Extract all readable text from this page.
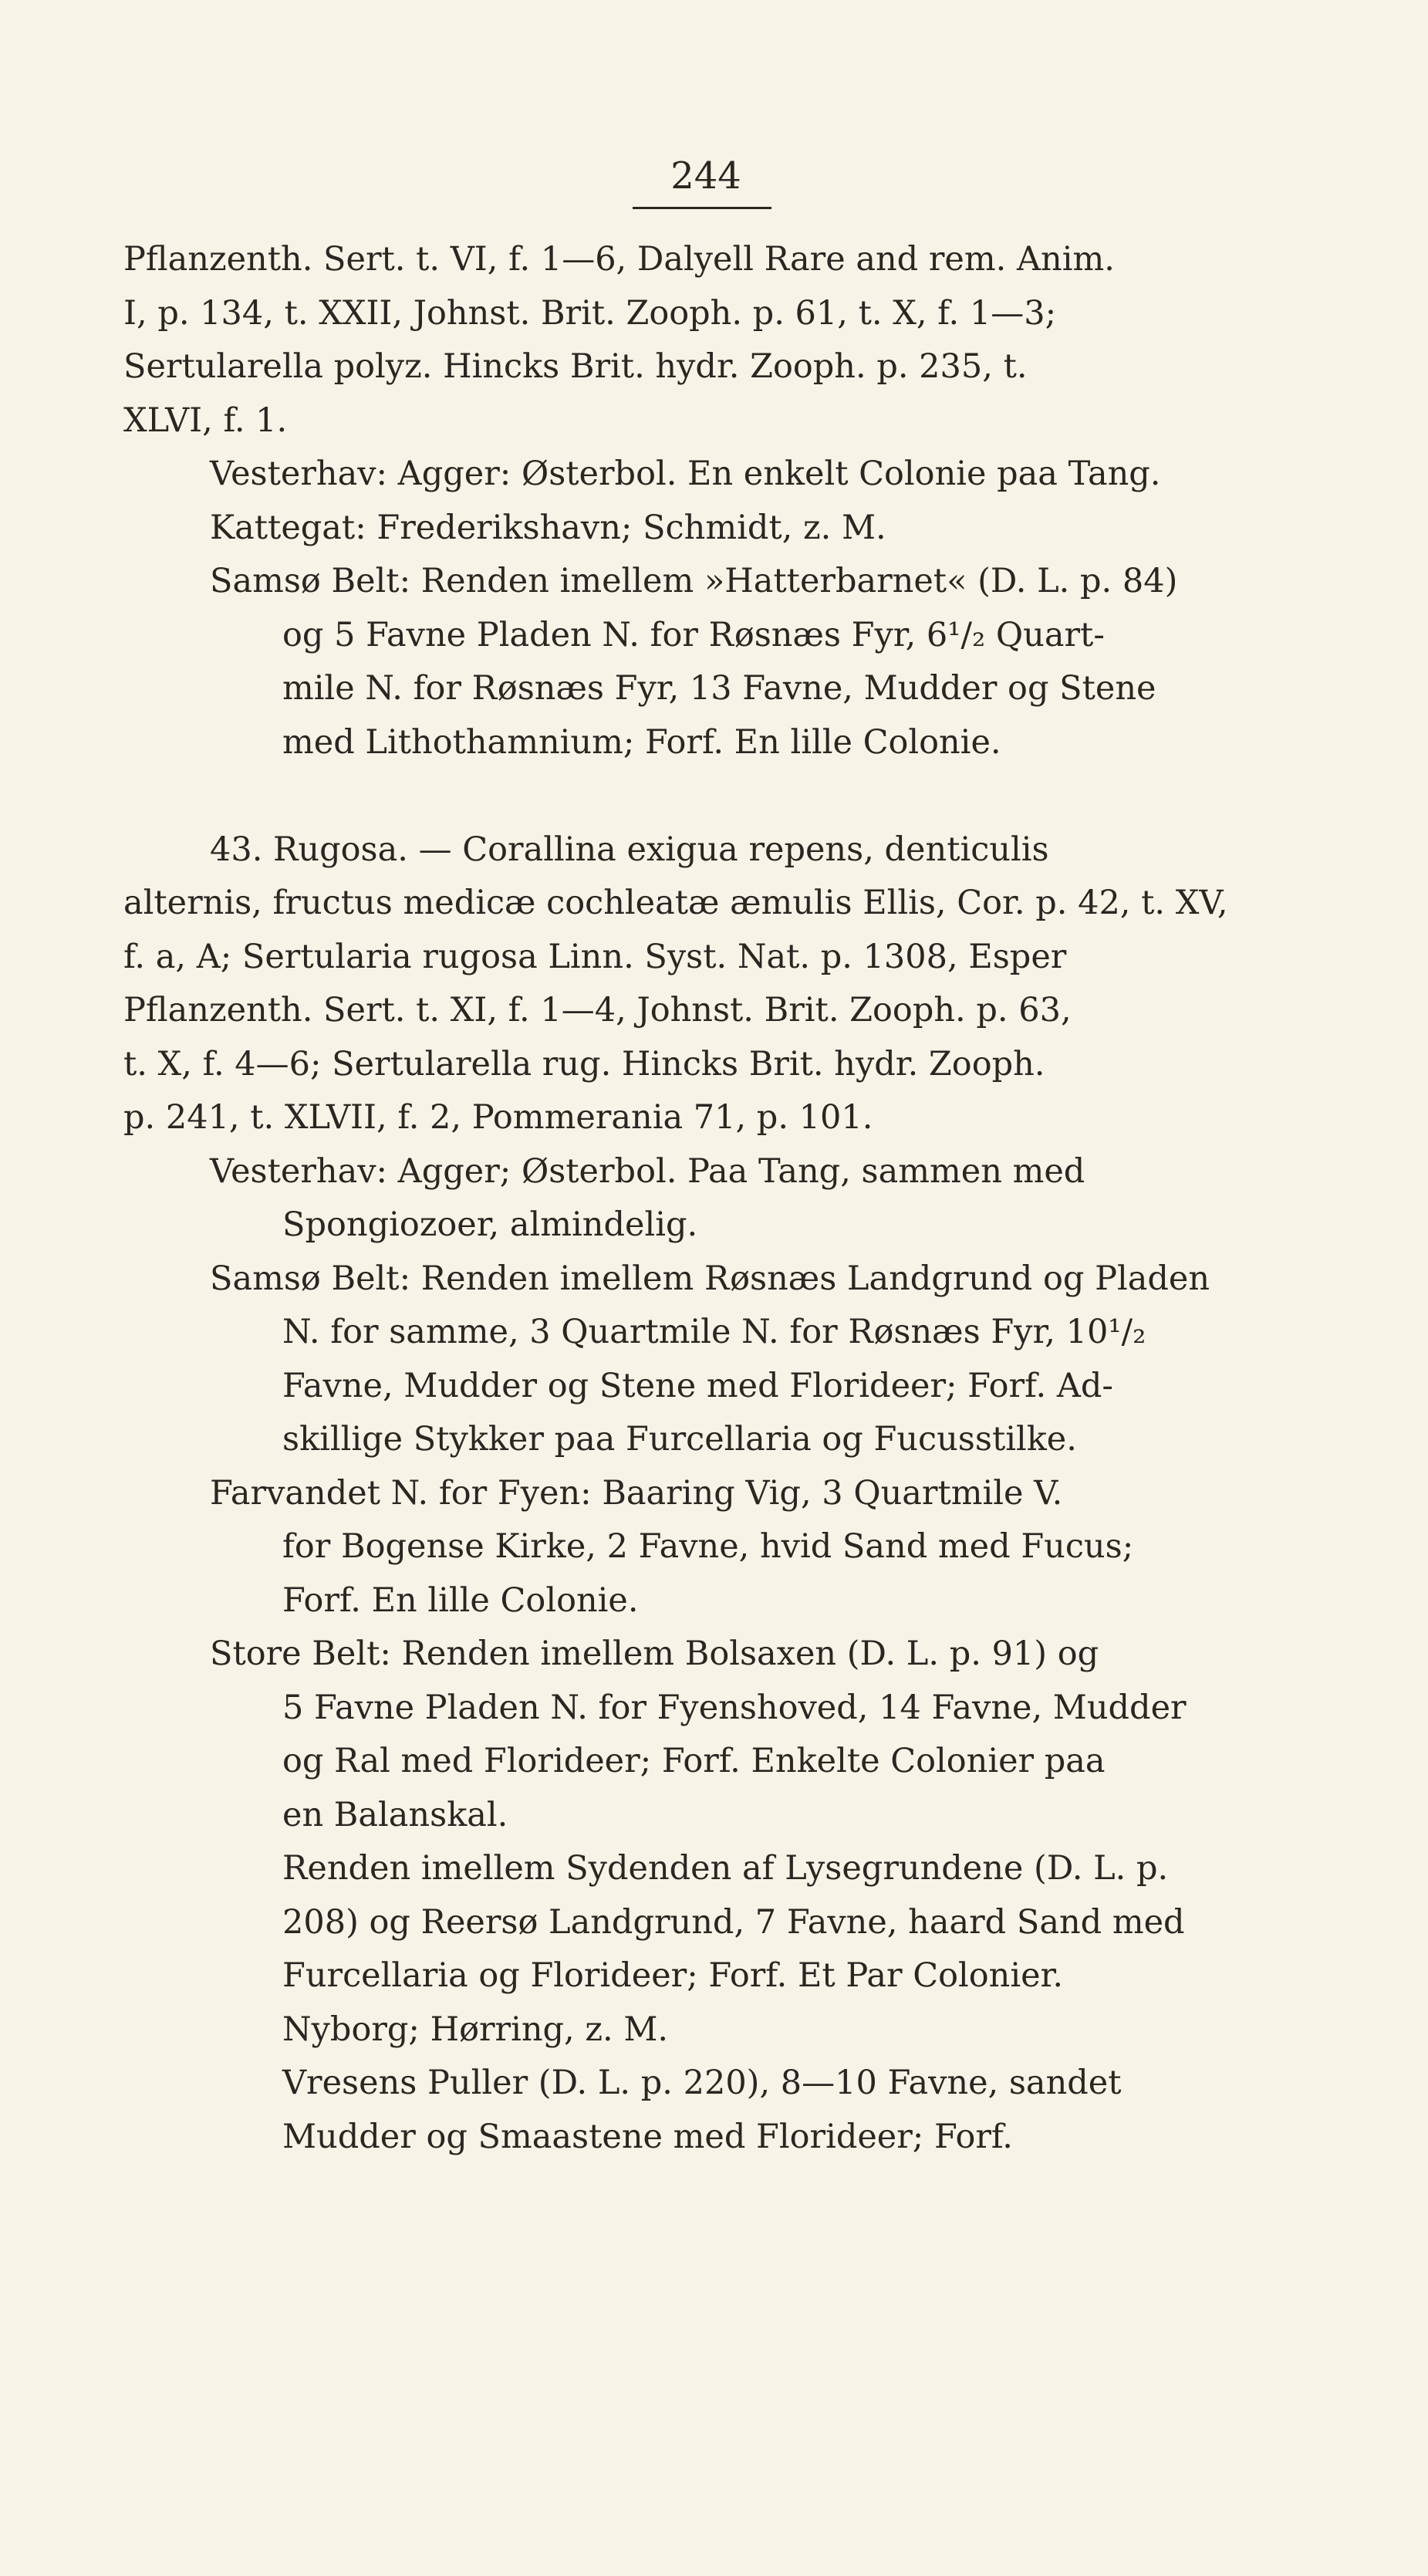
244
Pflanzenth. Sert. t. VI, f. 1—6, Dalyell Rare and rem. Anim.
I, p. 134, t. XXII, Johnst. Brit. Zooph. p. 61, t. X, f. 1—3;
Sertularella polyz. Hincks Brit. hydr. Zooph. p. 235, t.
XLVI, f. 1.
Vesterhav: Agger: Østerbol. En enkelt Colonie paa Tang.
Kattegat: Frederikshavn; Schmidt, z. M.
Samsø Belt: Renden imellem »Hatterbarnet« (D. L. p. 84)
og 5 Favne Pladen N. for Røsnæs Fyr, 6¹/₂ Quart-
mile N. for Røsnæs Fyr, 13 Favne, Mudder og Stene
med Lithothamnium; Forf. En lille Colonie.
43. Rugosa. — Corallina exigua repens, denticulis
alternis, fructus medicæ cochleatæ æmulis Ellis, Cor. p. 42, t. XV,
f. a, A; Sertularia rugosa Linn. Syst. Nat. p. 1308, Esper
Pflanzenth. Sert. t. XI, f. 1—4, Johnst. Brit. Zooph. p. 63,
t. X, f. 4—6; Sertularella rug. Hincks Brit. hydr. Zooph.
p. 241, t. XLVII, f. 2, Pommerania 71, p. 101.
Vesterhav: Agger; Østerbol. Paa Tang, sammen med
Spongiozoer, almindelig.
Samsø Belt: Renden imellem Røsnæs Landgrund og Pladen
N. for samme, 3 Quartmile N. for Røsnæs Fyr, 10¹/₂
Favne, Mudder og Stene med Florideer; Forf. Ad-
skillige Stykker paa Furcellaria og Fucusstilke.
Farvandet N. for Fyen: Baaring Vig, 3 Quartmile V.
for Bogense Kirke, 2 Favne, hvid Sand med Fucus;
Forf. En lille Colonie.
Store Belt: Renden imellem Bolsaxen (D. L. p. 91) og
5 Favne Pladen N. for Fyenshoved, 14 Favne, Mudder
og Ral med Florideer; Forf. Enkelte Colonier paa
en Balanskal.
Renden imellem Sydenden af Lysegrundene (D. L. p.
208) og Reersø Landgrund, 7 Favne, haard Sand med
Furcellaria og Florideer; Forf. Et Par Colonier.
Nyborg; Hørring, z. M.
Vresens Puller (D. L. p. 220), 8—10 Favne, sandet
Mudder og Smaastene med Florideer; Forf.
